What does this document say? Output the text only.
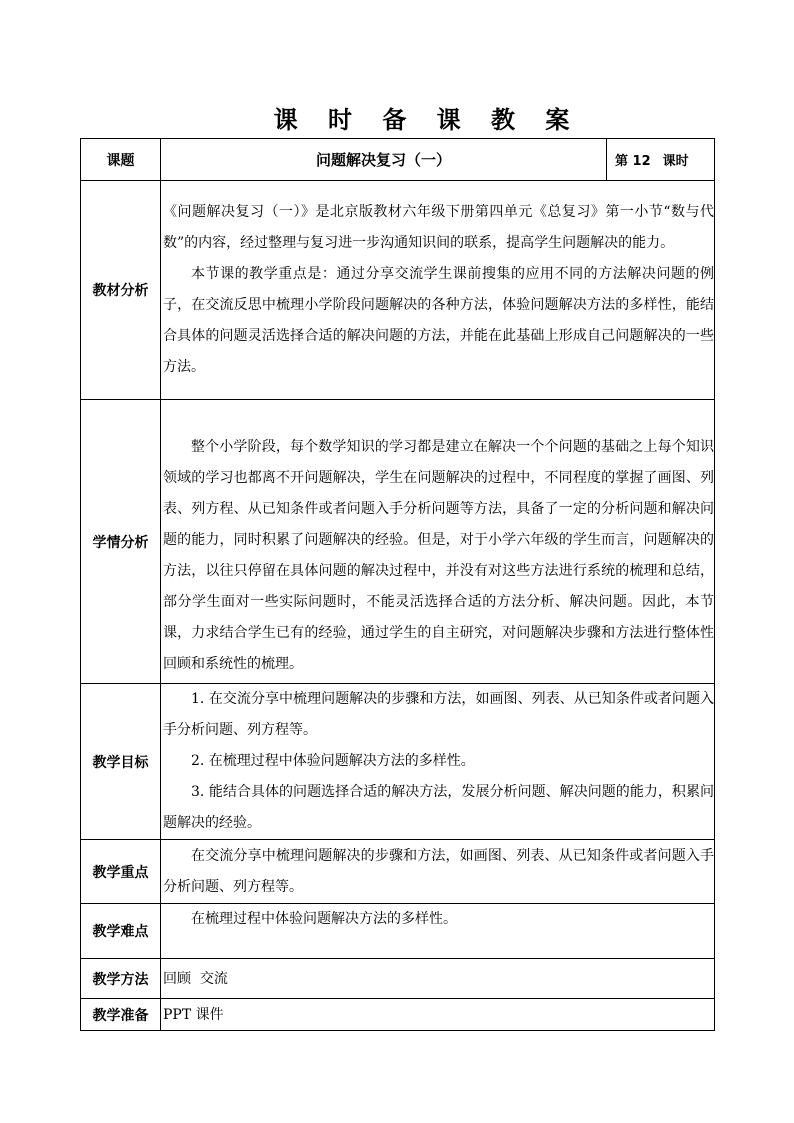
课 时 备 课 教 案
课题	问题解决复习（一）	第 12 课时
教材分析	《问题解决复习（一）》是北京版教材六年级下册第四单元《总复习》第一小节“数与代数”的内容，经过整理与复习进一步沟通知识间的联系，提高学生问题解决的能力。

本节课的教学重点是：通过分享交流学生课前搜集的应用不同的方法解决问题的例子，在交流反思中梳理小学阶段问题解决的各种方法，体验问题解决方法的多样性，能结合具体的问题灵活选择合适的解决问题的方法，并能在此基础上形成自己问题解决的一些方法。	

学情分析	整个小学阶段，每个数学知识的学习都是建立在解决一个个问题的基础之上每个知识领域的学习也都离不开问题解决，学生在问题解决的过程中，不同程度的掌握了画图、列表、列方程、从已知条件或者问题入手分析问题等方法，具备了一定的分析问题和解决问题的能力，同时积累了问题解决的经验。但是，对于小学六年级的学生而言，问题解决的方法，以往只停留在具体问题的解决过程中，并没有对这些方法进行系统的梳理和总结，部分学生面对一些实际问题时，不能灵活选择合适的方法分析、解决问题。因此，本节课，力求结合学生已有的经验，通过学生的自主研究，对问题解决步骤和方法进行整体性回顾和系统性的梳理。	

教学目标	1. 在交流分享中梳理问题解决的步骤和方法，如画图、列表、从已知条件或者问题入手分析问题、列方程等。

2. 在梳理过程中体验问题解决方法的多样性。

3. 能结合具体的问题选择合适的解决方法，发展分析问题、解决问题的能力，积累问题解决的经验。	

教学重点	在交流分享中梳理问题解决的步骤和方法，如画图、列表、从已知条件或者问题入手分析问题、列方程等。	

教学难点	在梳理过程中体验问题解决方法的多样性。	

教学方法	回顾  交流	
教学准备	PPT 课件	
